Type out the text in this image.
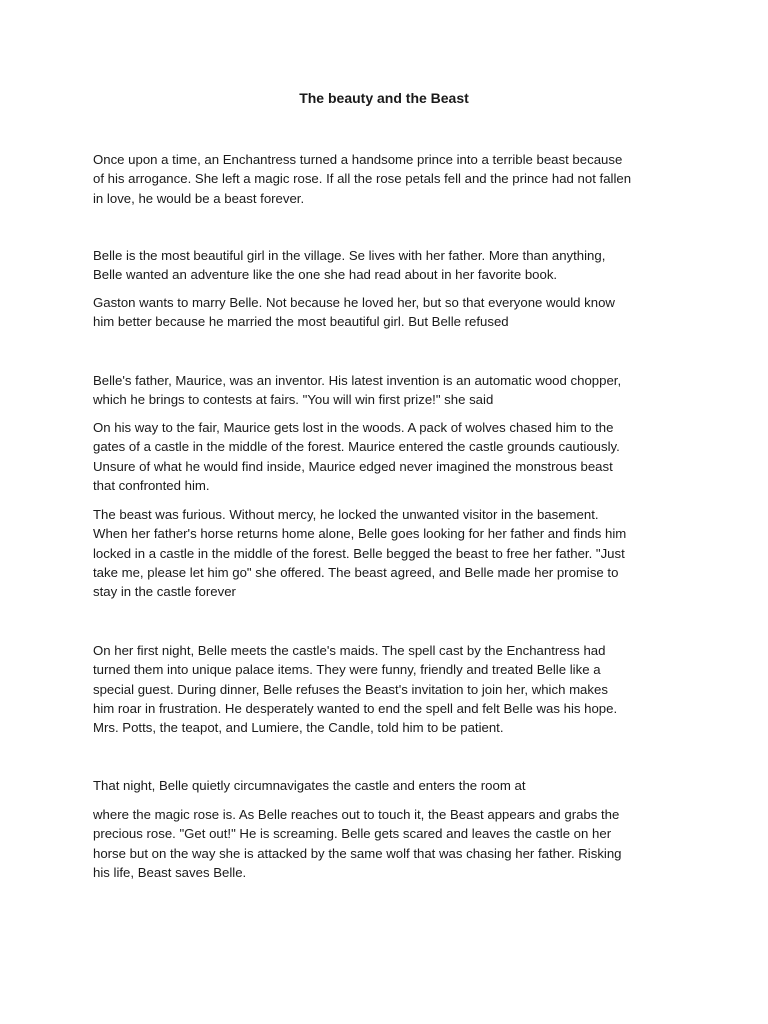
The beauty and the Beast

Once upon a time, an Enchantress turned a handsome prince into a terrible beast because
of his arrogance. She left a magic rose. If all the rose petals fell and the prince had not fallen
in love, he would be a beast forever.

Belle is the most beautiful girl in the village. Se lives with her father. More than anything,
Belle wanted an adventure like the one she had read about in her favorite book.

Gaston wants to marry Belle. Not because he loved her, but so that everyone would know
him better because he married the most beautiful girl. But Belle refused

Belle's father, Maurice, was an inventor. His latest invention is an automatic wood chopper,
which he brings to contests at fairs. "You will win first prize!" she said

On his way to the fair, Maurice gets lost in the woods. A pack of wolves chased him to the
gates of a castle in the middle of the forest. Maurice entered the castle grounds cautiously.
Unsure of what he would find inside, Maurice edged never imagined the monstrous beast
that confronted him.

The beast was furious. Without mercy, he locked the unwanted visitor in the basement.
When her father's horse returns home alone, Belle goes looking for her father and finds him
locked in a castle in the middle of the forest. Belle begged the beast to free her father. "Just
take me, please let him go" she offered. The beast agreed, and Belle made her promise to
stay in the castle forever

On her first night, Belle meets the castle's maids. The spell cast by the Enchantress had
turned them into unique palace items. They were funny, friendly and treated Belle like a
special guest. During dinner, Belle refuses the Beast's invitation to join her, which makes
him roar in frustration. He desperately wanted to end the spell and felt Belle was his hope.
Mrs. Potts, the teapot, and Lumiere, the Candle, told him to be patient.

That night, Belle quietly circumnavigates the castle and enters the room at

where the magic rose is. As Belle reaches out to touch it, the Beast appears and grabs the
precious rose. "Get out!" He is screaming. Belle gets scared and leaves the castle on her
horse but on the way she is attacked by the same wolf that was chasing her father. Risking
his life, Beast saves Belle.
